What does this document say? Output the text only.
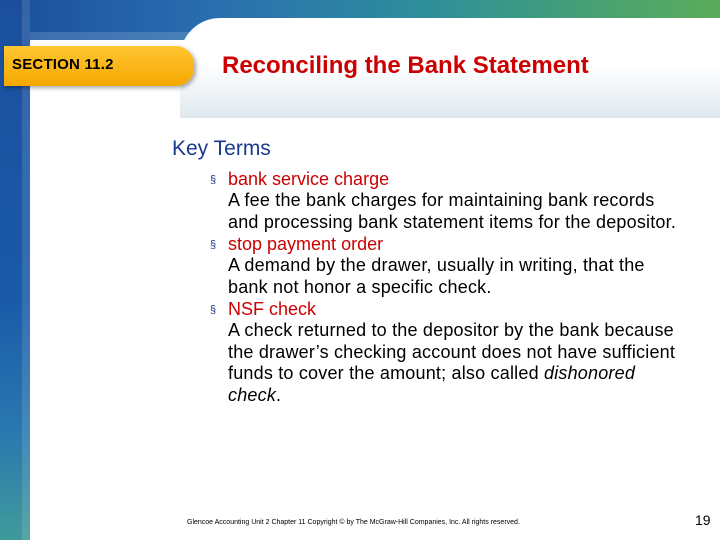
SECTION 11.2	Reconciling the Bank Statement
Key Terms
§ bank service charge
A fee the bank charges for maintaining bank records and processing bank statement items for the depositor.
§ stop payment order
A demand by the drawer, usually in writing, that the bank not honor a specific check.
§ NSF check
A check returned to the depositor by the bank because the drawer’s checking account does not have sufficient funds to cover the amount; also called dishonored check.
Glencoe Accounting Unit 2 Chapter 11 Copyright © by The McGraw-Hill Companies, Inc. All rights reserved.	19
